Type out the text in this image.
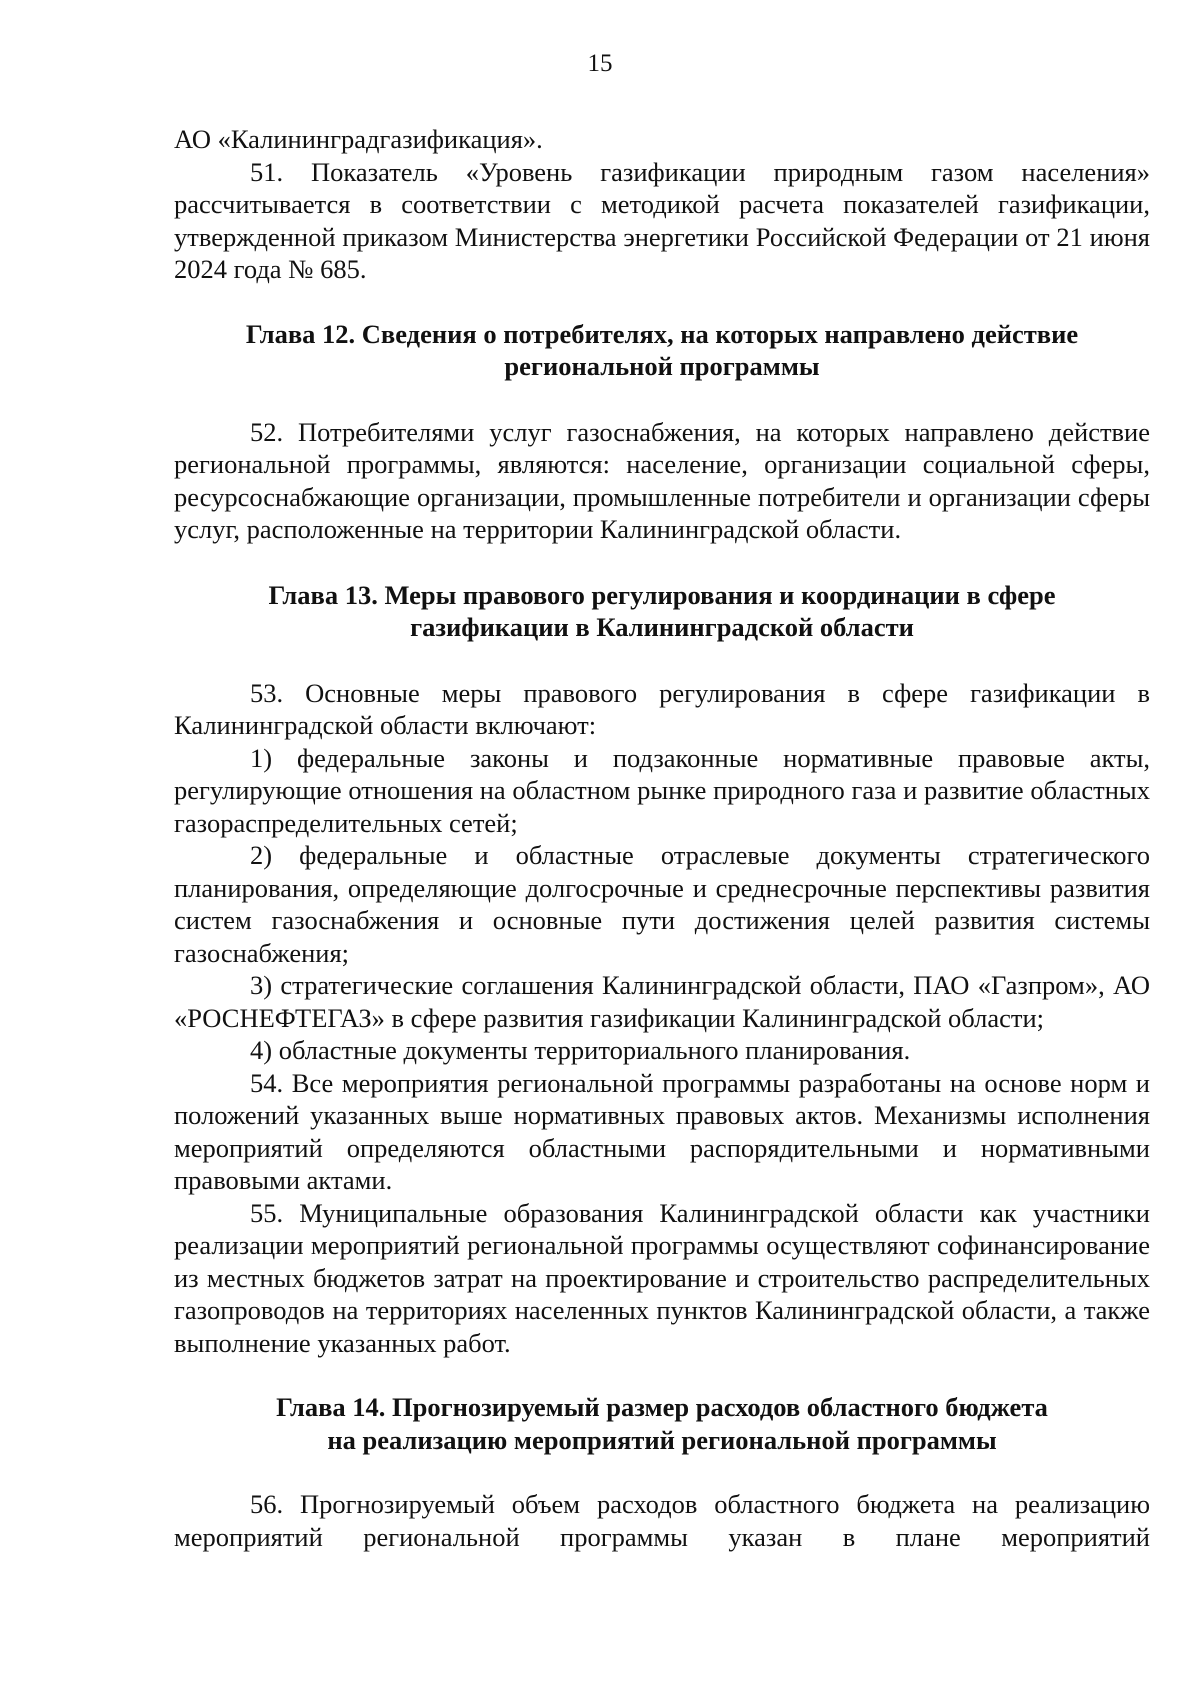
15

АО «Калининградгазификация».

51. Показатель «Уровень газификации природным газом населения» рассчитывается в соответствии с методикой расчета показателей газификации, утвержденной приказом Министерства энергетики Российской Федерации от 21 июня 2024 года № 685.

Глава 12. Сведения о потребителях, на которых направлено действие
региональной программы

52. Потребителями услуг газоснабжения, на которых направлено действие региональной программы, являются: население, организации социальной сферы, ресурсоснабжающие организации, промышленные потребители и организации сферы услуг, расположенные на территории Калининградской области.

Глава 13. Меры правового регулирования и координации в сфере
газификации в Калининградской области

53. Основные меры правового регулирования в сфере газификации в Калининградской области включают:

1) федеральные законы и подзаконные нормативные правовые акты, регулирующие отношения на областном рынке природного газа и развитие областных газораспределительных сетей;

2) федеральные и областные отраслевые документы стратегического планирования, определяющие долгосрочные и среднесрочные перспективы развития систем газоснабжения и основные пути достижения целей развития системы газоснабжения;

3) стратегические соглашения Калининградской области, ПАО «Газпром», АО «РОСНЕФТЕГАЗ» в сфере развития газификации Калининградской области;

4) областные документы территориального планирования.

54. Все мероприятия региональной программы разработаны на основе норм и положений указанных выше нормативных правовых актов. Механизмы исполнения мероприятий определяются областными распорядительными и нормативными правовыми актами.

55. Муниципальные образования Калининградской области как участники реализации мероприятий региональной программы осуществляют софинансирование из местных бюджетов затрат на проектирование и строительство распределительных газопроводов на территориях населенных пунктов Калининградской области, а также выполнение указанных работ.

Глава 14. Прогнозируемый размер расходов областного бюджета
на реализацию мероприятий региональной программы

56. Прогнозируемый объем расходов областного бюджета на реализацию мероприятий региональной программы указан в плане мероприятий
